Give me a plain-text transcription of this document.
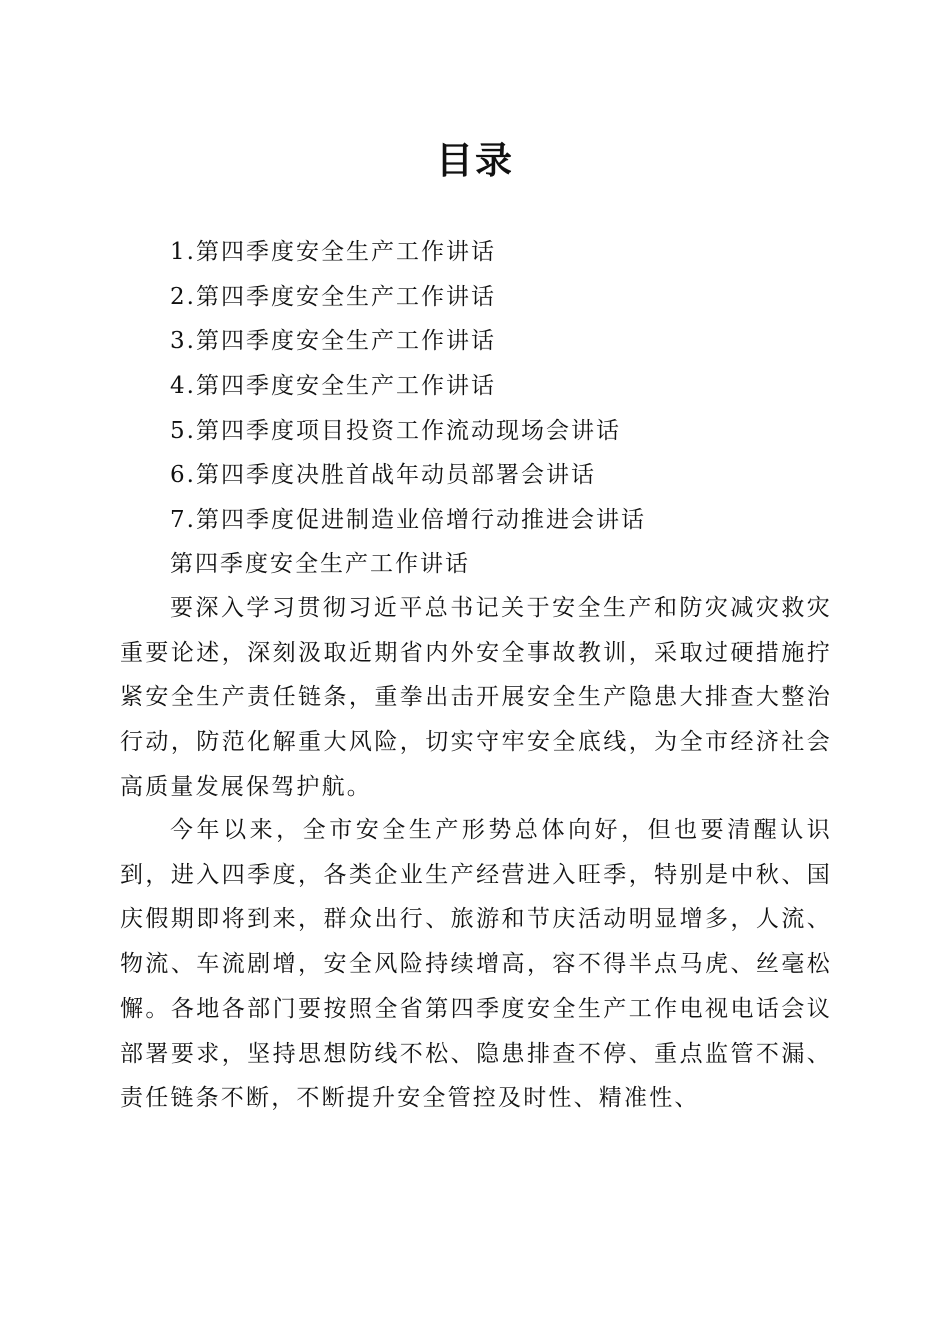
目录
1.第四季度安全生产工作讲话
2.第四季度安全生产工作讲话
3.第四季度安全生产工作讲话
4.第四季度安全生产工作讲话
5.第四季度项目投资工作流动现场会讲话
6.第四季度决胜首战年动员部署会讲话
7.第四季度促进制造业倍增行动推进会讲话
第四季度安全生产工作讲话

要深入学习贯彻习近平总书记关于安全生产和防灾减灾救灾重要论述，深刻汲取近期省内外安全事故教训，采取过硬措施拧紧安全生产责任链条，重拳出击开展安全生产隐患大排查大整治行动，防范化解重大风险，切实守牢安全底线，为全市经济社会高质量发展保驾护航。

今年以来，全市安全生产形势总体向好，但也要清醒认识到，进入四季度，各类企业生产经营进入旺季，特别是中秋、国庆假期即将到来，群众出行、旅游和节庆活动明显增多，人流、物流、车流剧增，安全风险持续增高，容不得半点马虎、丝毫松懈。各地各部门要按照全省第四季度安全生产工作电视电话会议部署要求，坚持思想防线不松、隐患排查不停、重点监管不漏、责任链条不断，不断提升安全管控及时性、精准性、
